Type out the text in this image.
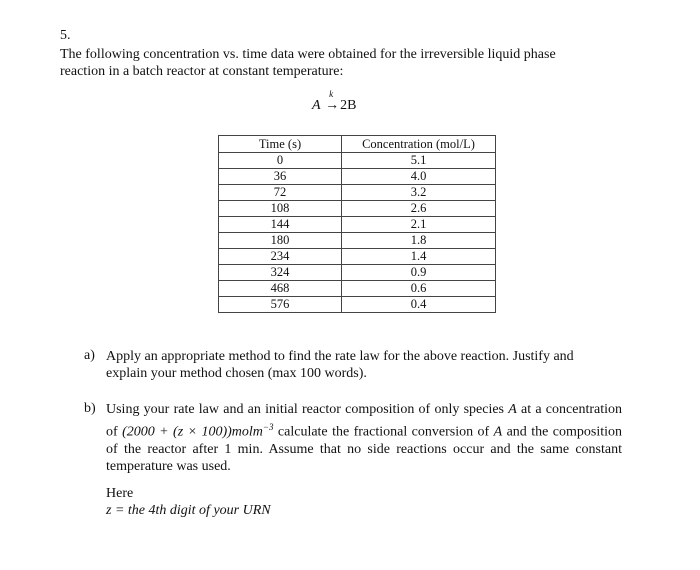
5.
The following concentration vs. time data were obtained for the irreversible liquid phase
reaction in a batch reactor at constant temperature:
A
k
→2B
Time (s)	Concentration (mol/L)
0	5.1
36	4.0
72	3.2
108	2.6
144	2.1
180	1.8
234	1.4
324	0.9
468	0.6
576	0.4
a) Apply an appropriate method to find the rate law for the above reaction. Justify and
explain your method chosen (max 100 words).
b) Using your rate law and an initial reactor composition of only species A at a concentration of (2000 + (z × 100))molm$^{-3}$ calculate the fractional conversion of A and the composition of the reactor after 1 min. Assume that no side reactions occur and the same constant temperature was used.
Here
z = the 4th digit of your URN
